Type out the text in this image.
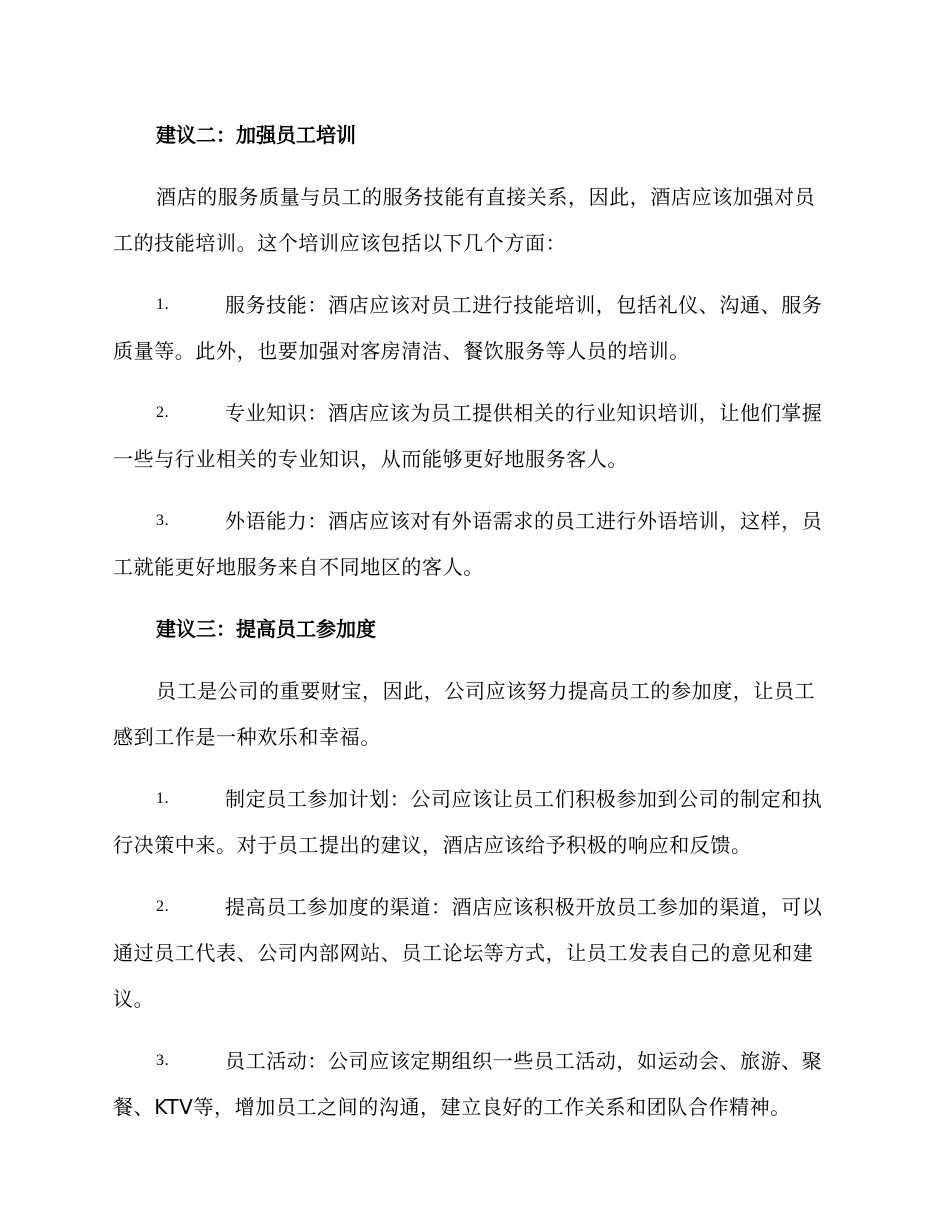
建议二：加强员工培训

酒店的服务质量与员工的服务技能有直接关系，因此，酒店应该加强对员工的技能培训。这个培训应该包括以下几个方面：

1.	服务技能：酒店应该对员工进行技能培训，包括礼仪、沟通、服务质量等。此外，也要加强对客房清洁、餐饮服务等人员的培训。

2.	专业知识：酒店应该为员工提供相关的行业知识培训，让他们掌握一些与行业相关的专业知识，从而能够更好地服务客人。

3.	外语能力：酒店应该对有外语需求的员工进行外语培训，这样，员工就能更好地服务来自不同地区的客人。

建议三：提高员工参加度

员工是公司的重要财宝，因此，公司应该努力提高员工的参加度，让员工感到工作是一种欢乐和幸福。

1.	制定员工参加计划：公司应该让员工们积极参加到公司的制定和执行决策中来。对于员工提出的建议，酒店应该给予积极的响应和反馈。

2.	提高员工参加度的渠道：酒店应该积极开放员工参加的渠道，可以通过员工代表、公司内部网站、员工论坛等方式，让员工发表自己的意见和建议。

3.	员工活动：公司应该定期组织一些员工活动，如运动会、旅游、聚餐、KTV等，增加员工之间的沟通，建立良好的工作关系和团队合作精神。
